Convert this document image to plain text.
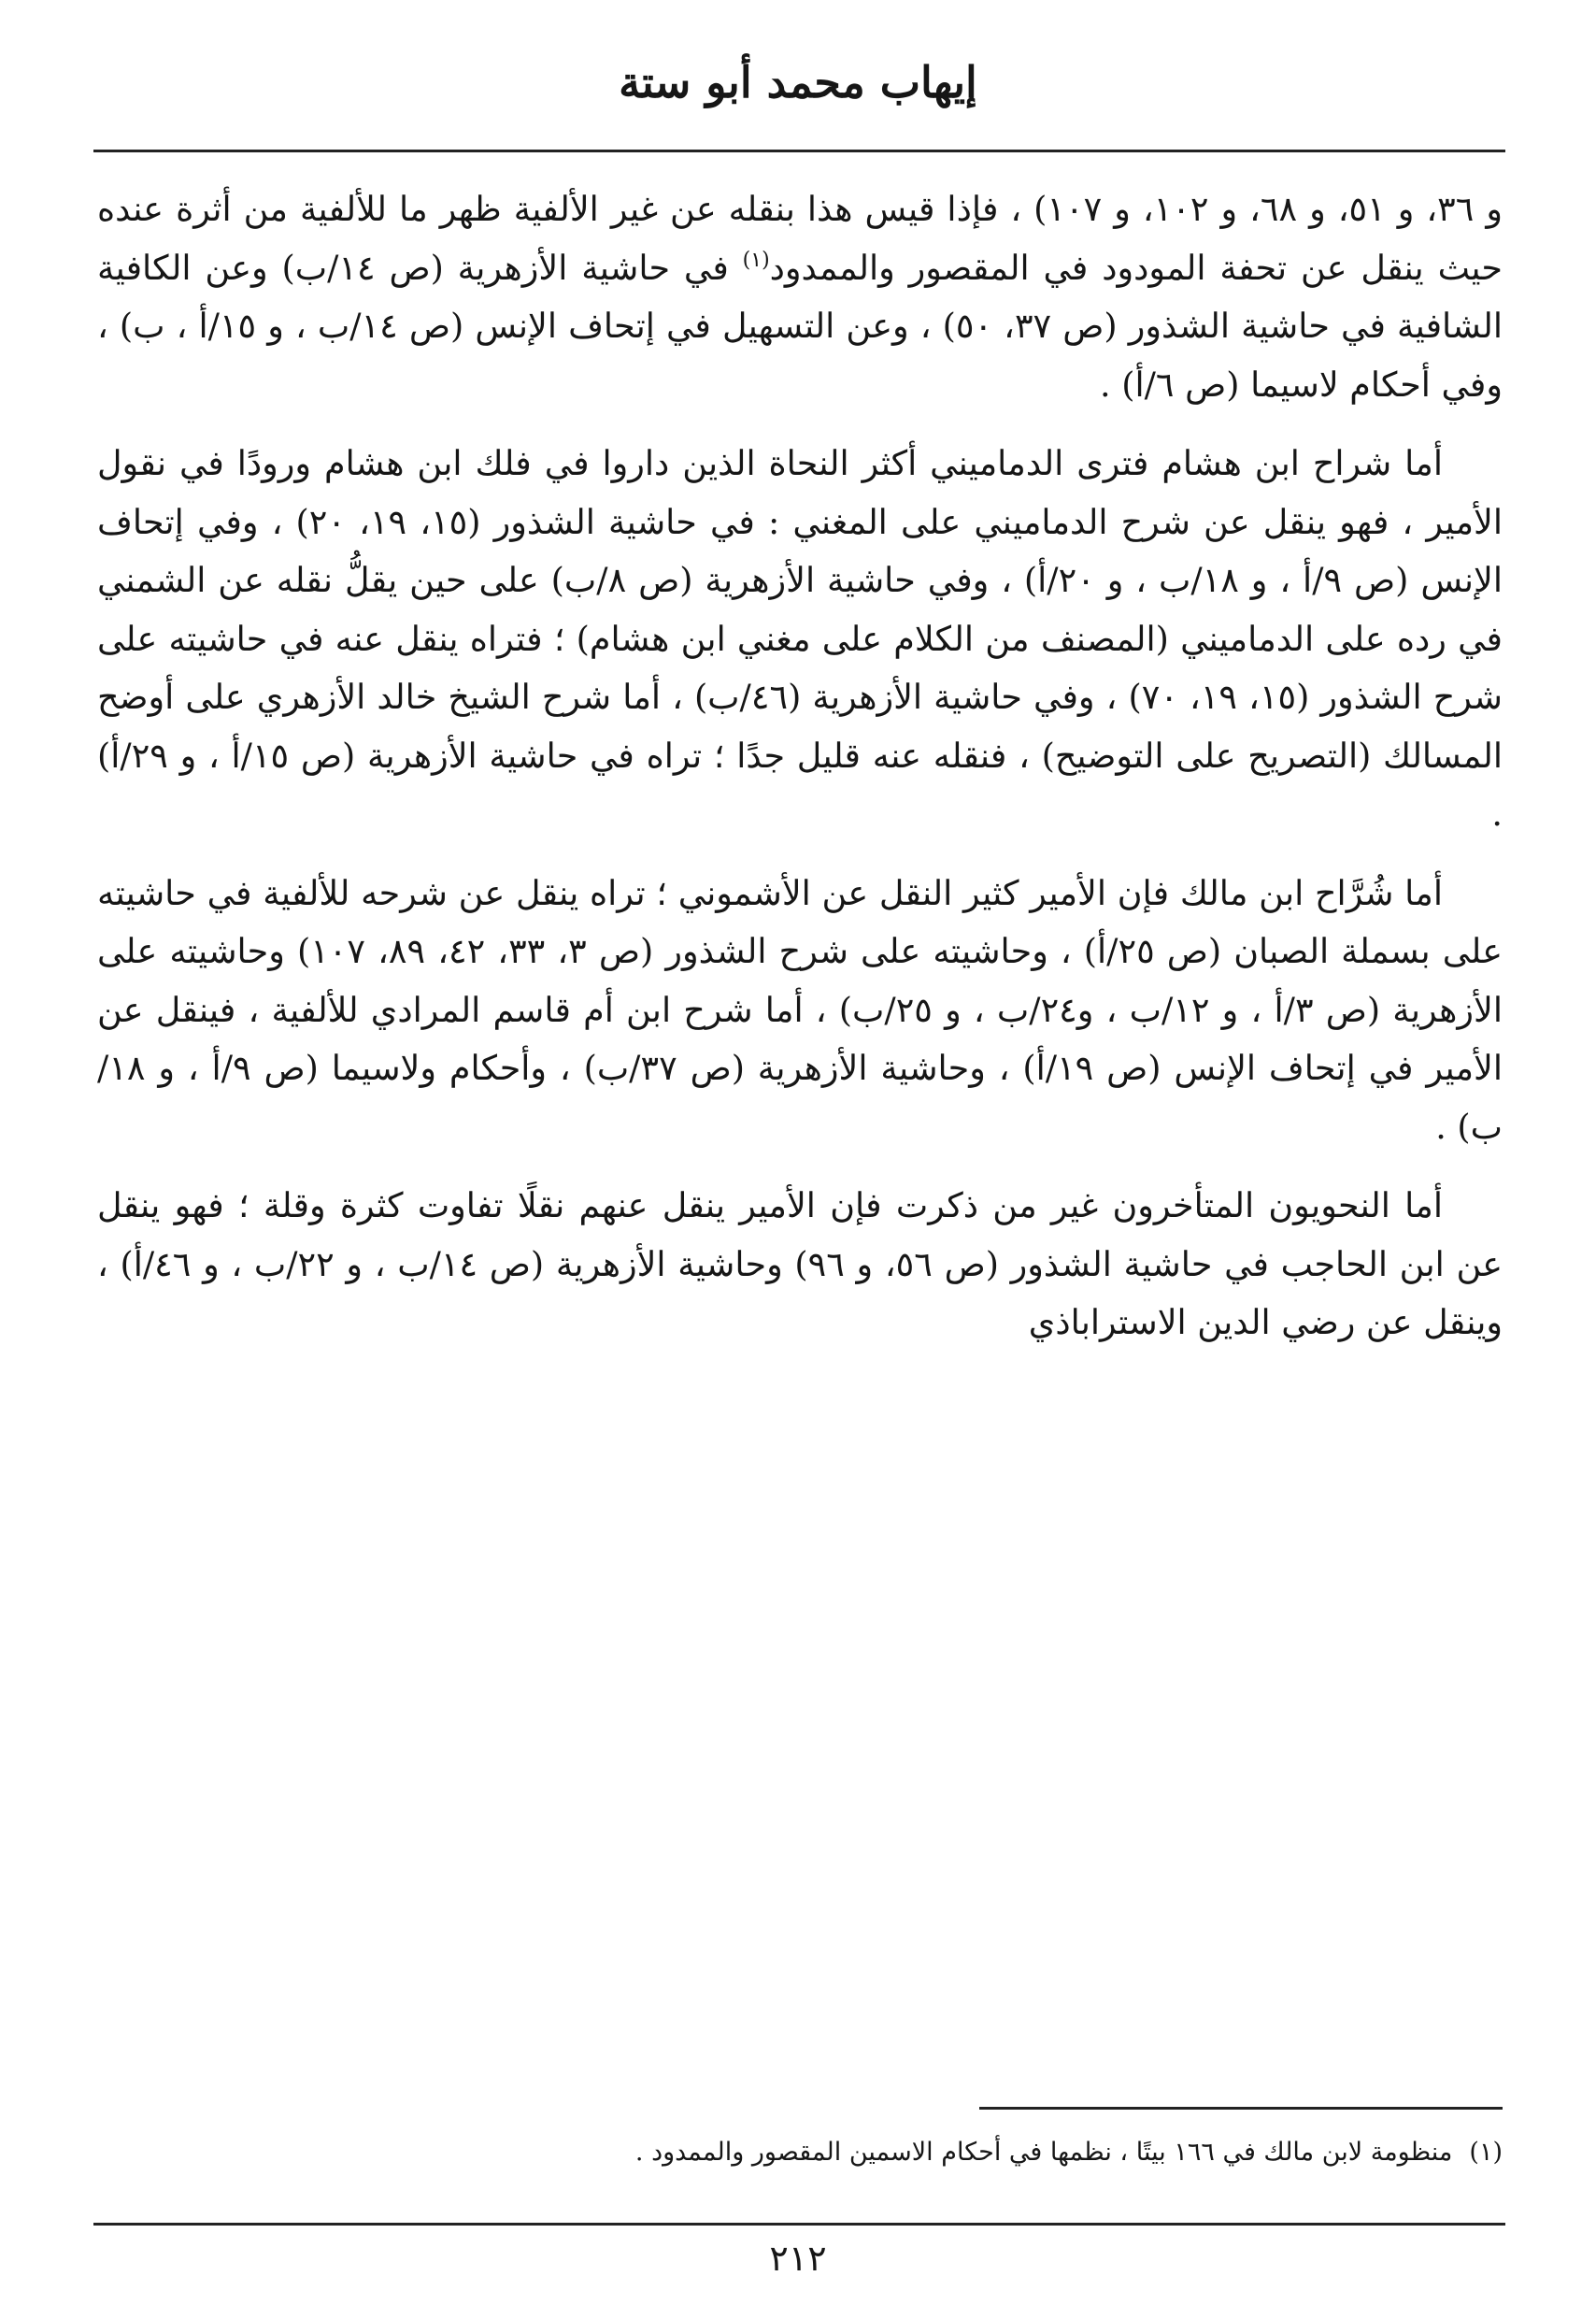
إيهاب محمد أبو ستة

و ٣٦، و ٥١، و ٦٨، و ١٠٢، و ١٠٧) ، فإذا قيس هذا بنقله عن غير الألفية ظهر ما للألفية من أثرة عنده حيث ينقل عن تحفة المودود في المقصور والممدود$^{(١)}$ في حاشية الأزهرية (ص ١٤/ب) وعن الكافية الشافية في حاشية الشذور (ص ٣٧، ٥٠) ، وعن التسهيل في إتحاف الإنس (ص ١٤/ب ، و ١٥/أ ، ب) ، وفي أحكام لاسيما (ص ٦/أ) .

أما شراح ابن هشام فترى الدماميني أكثر النحاة الذين داروا في فلك ابن هشام ورودًا في نقول الأمير ، فهو ينقل عن شرح الدماميني على المغني : في حاشية الشذور (١٥، ١٩، ٢٠) ، وفي إتحاف الإنس (ص ٩/أ ، و ١٨/ب ، و ٢٠/أ) ، وفي حاشية الأزهرية (ص ٨/ب) على حين يقلُّ نقله عن الشمني في رده على الدماميني (المصنف من الكلام على مغني ابن هشام) ؛ فتراه ينقل عنه في حاشيته على شرح الشذور (١٥، ١٩، ٧٠) ، وفي حاشية الأزهرية (٤٦/ب) ، أما شرح الشيخ خالد الأزهري على أوضح المسالك (التصريح على التوضيح) ، فنقله عنه قليل جدًا ؛ تراه في حاشية الأزهرية (ص ١٥/أ ، و ٢٩/أ) .

أما شُرَّاح ابن مالك فإن الأمير كثير النقل عن الأشموني ؛ تراه ينقل عن شرحه للألفية في حاشيته على بسملة الصبان (ص ٢٥/أ) ، وحاشيته على شرح الشذور (ص ٣، ٣٣، ٤٢، ٨٩، ١٠٧) وحاشيته على الأزهرية (ص ٣/أ ، و ١٢/ب ، و٢٤/ب ، و ٢٥/ب) ، أما شرح ابن أم قاسم المرادي للألفية ، فينقل عن الأمير في إتحاف الإنس (ص ١٩/أ) ، وحاشية الأزهرية (ص ٣٧/ب) ، وأحكام ولاسيما (ص ٩/أ ، و ١٨/ب) .

أما النحويون المتأخرون غير من ذكرت فإن الأمير ينقل عنهم نقلًا تفاوت كثرة وقلة ؛ فهو ينقل عن ابن الحاجب في حاشية الشذور (ص ٥٦، و ٩٦) وحاشية الأزهرية (ص ١٤/ب ، و ٢٢/ب ، و ٤٦/أ) ، وينقل عن رضي الدين الاستراباذي

(١)منظومة لابن مالك في ١٦٦ بيتًا ، نظمها في أحكام الاسمين المقصور والممدود .
٢١٢
